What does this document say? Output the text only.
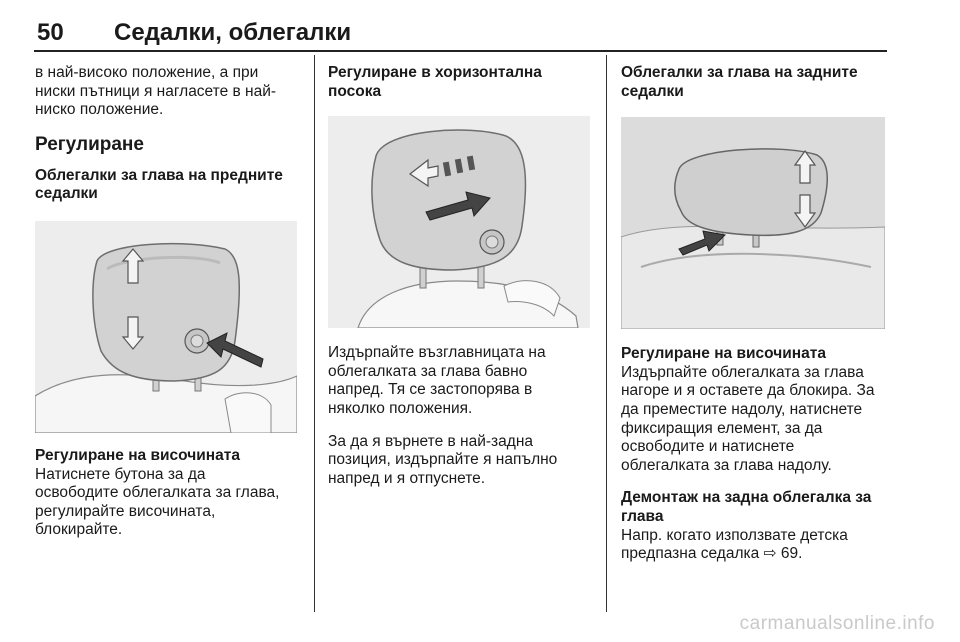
50 Седалки, облегалки

в най-високо положение, а при
ниски пътници я нагласете в най-
ниско положение.

Регулиране
Облегалки за глава на предните
седалки
Регулиране на височината

Натиснете бутона за да
освободите облегалката за глава,
регулирайте височината,
блокирайте.

Регулиране в хоризонтална посока

Издърпайте възглавницата на
облегалката за глава бавно
напред. Тя се застопорява в
няколко положения.

За да я върнете в най-задна
позиция, издърпайте я напълно
напред и я отпуснете.

Облегалки за глава на задните
седалки
Регулиране на височината

Издърпайте облегалката за глава
нагоре и я оставете да блокира. За
да преместите надолу, натиснете
фиксиращия елемент, за да
освободите и натиснете
облегалката за глава надолу.

Демонтаж на задна облегалка за
глава

Напр. когато използвате детска
предпазна седалка ⇨ 69.

carmanualsonline.info
